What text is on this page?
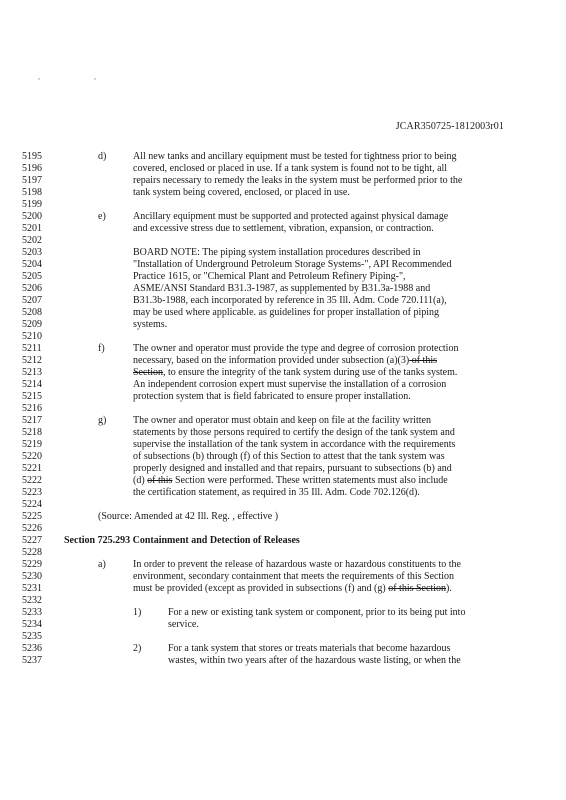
, ,
JCAR350725-1812003r01
5195	d)	All new tanks and ancillary equipment must be tested for tightness prior to being
5196	covered, enclosed or placed in use. If a tank system is found not to be tight, all
5197	repairs necessary to remedy the leaks in the system must be performed prior to the
5198	tank system being covered, enclosed, or placed in use.
5199
5200	e)	Ancillary equipment must be supported and protected against physical damage
5201	and excessive stress due to settlement, vibration, expansion, or contraction.
5202
5203	BOARD NOTE: The piping system installation procedures described in
5204	"Installation of Underground Petroleum Storage Systems-", API Recommended
5205	Practice 1615, or "Chemical Plant and Petroleum Refinery Piping-",
5206	ASME/ANSI Standard B31.3-1987, as supplemented by B31.3a-1988 and
5207	B31.3b-1988, each incorporated by reference in 35 Ill. Adm. Code 720.111(a),
5208	may be used where applicable. as guidelines for proper installation of piping
5209	systems.
5210
5211	f)	The owner and operator must provide the type and degree of corrosion protection
5212	necessary, based on the information provided under subsection (a)(3) of this
5213	Section, to ensure the integrity of the tank system during use of the tanks system.
5214	An independent corrosion expert must supervise the installation of a corrosion
5215	protection system that is field fabricated to ensure proper installation.
5216
5217	g)	The owner and operator must obtain and keep on file at the facility written
5218	statements by those persons required to certify the design of the tank system and
5219	supervise the installation of the tank system in accordance with the requirements
5220	of subsections (b) through (f) of this Section to attest that the tank system was
5221	properly designed and installed and that repairs, pursuant to subsections (b) and
5222	(d) of this Section were performed. These written statements must also include
5223	the certification statement, as required in 35 Ill. Adm. Code 702.126(d).
5224
5225	(Source: Amended at 42 Ill. Reg. , effective )
5226
5227	Section 725.293 Containment and Detection of Releases
5228
5229	a)	In order to prevent the release of hazardous waste or hazardous constituents to the
5230	environment, secondary containment that meets the requirements of this Section
5231	must be provided (except as provided in subsections (f) and (g) of this Section).
5232
5233	1)	For a new or existing tank system or component, prior to its being put into
5234	service.
5235
5236	2)	For a tank system that stores or treats materials that become hazardous
5237	wastes, within two years after of the hazardous waste listing, or when the
